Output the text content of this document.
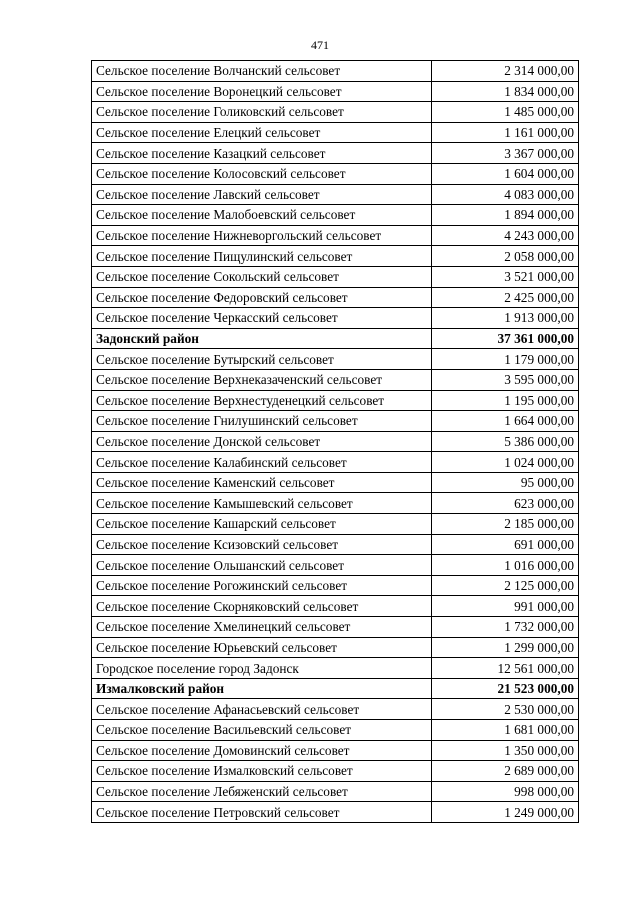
471
Сельское поселение Волчанский сельсовет	2 314 000,00
Сельское поселение Воронецкий сельсовет	1 834 000,00
Сельское поселение Голиковский сельсовет	1 485 000,00
Сельское поселение Елецкий сельсовет	1 161 000,00
Сельское поселение Казацкий сельсовет	3 367 000,00
Сельское поселение Колосовский сельсовет	1 604 000,00
Сельское поселение Лавский сельсовет	4 083 000,00
Сельское поселение Малобоевский сельсовет	1 894 000,00
Сельское поселение Нижневоргольский сельсовет	4 243 000,00
Сельское поселение Пищулинский сельсовет	2 058 000,00
Сельское поселение Сокольский сельсовет	3 521 000,00
Сельское поселение Федоровский сельсовет	2 425 000,00
Сельское поселение Черкасский сельсовет	1 913 000,00
Задонский район	37 361 000,00
Сельское поселение Бутырский сельсовет	1 179 000,00
Сельское поселение Верхнеказаченский сельсовет	3 595 000,00
Сельское поселение Верхнестуденецкий сельсовет	1 195 000,00
Сельское поселение Гнилушинский сельсовет	1 664 000,00
Сельское поселение Донской сельсовет	5 386 000,00
Сельское поселение Калабинский сельсовет	1 024 000,00
Сельское поселение Каменский сельсовет	95 000,00
Сельское поселение Камышевский сельсовет	623 000,00
Сельское поселение Кашарский сельсовет	2 185 000,00
Сельское поселение Ксизовский сельсовет	691 000,00
Сельское поселение Ольшанский сельсовет	1 016 000,00
Сельское поселение Рогожинский сельсовет	2 125 000,00
Сельское поселение Скорняковский сельсовет	991 000,00
Сельское поселение Хмелинецкий сельсовет	1 732 000,00
Сельское поселение Юрьевский сельсовет	1 299 000,00
Городское поселение город Задонск	12 561 000,00
Измалковский район	21 523 000,00
Сельское поселение Афанасьевский сельсовет	2 530 000,00
Сельское поселение Васильевский сельсовет	1 681 000,00
Сельское поселение Домовинский сельсовет	1 350 000,00
Сельское поселение Измалковский сельсовет	2 689 000,00
Сельское поселение Лебяженский сельсовет	998 000,00
Сельское поселение Петровский сельсовет	1 249 000,00
